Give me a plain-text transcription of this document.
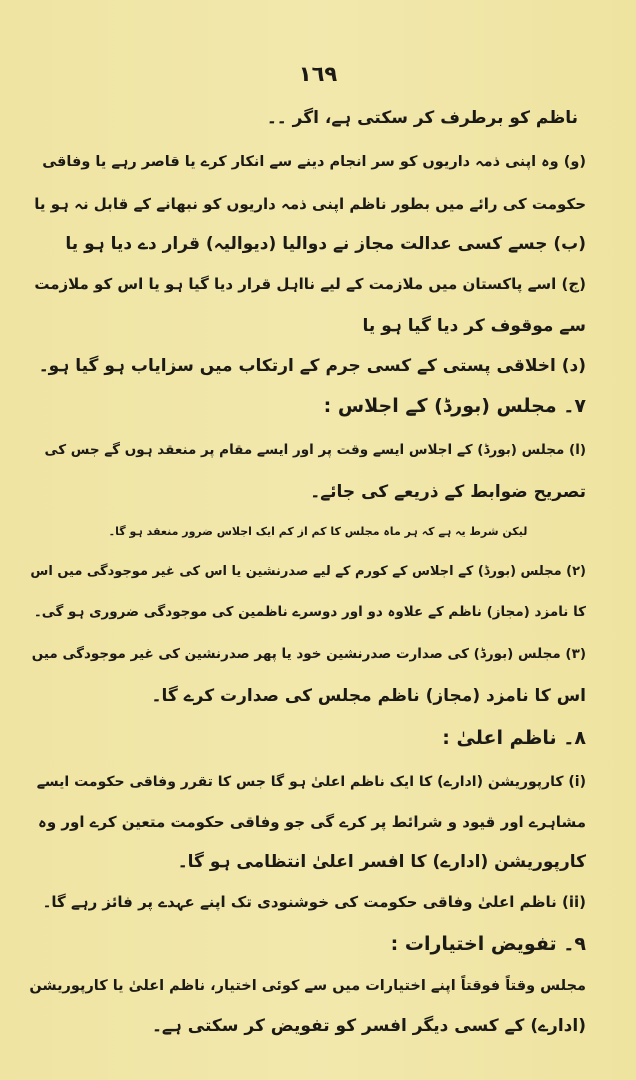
١٦٩
ناظم کو برطرف کر سکتی ہے، اگر ۔۔
(و) وہ اپنی ذمہ داریوں کو سر انجام دینے سے انکار کرے یا قاصر رہے یا وفاقی
حکومت کی رائے میں بطور ناظم اپنی ذمہ داریوں کو نبھانے کے قابل نہ ہو یا
(ب) جسے کسی عدالت مجاز نے دوالیا (دیوالیہ) قرار دے دیا ہو یا
(ج) اسے پاکستان میں ملازمت کے لیے نااہل قرار دیا گیا ہو یا اس کو ملازمت
سے موقوف کر دیا گیا ہو یا
(د) اخلاقی پستی کے کسی جرم کے ارتکاب میں سزایاب ہو گیا ہو۔
۷۔ مجلس (بورڈ) کے اجلاس :
(ا) مجلس (بورڈ) کے اجلاس ایسے وقت پر اور ایسے مقام پر منعقد ہوں گے جس کی
تصریح ضوابط کے ذریعے کی جائے۔
لیکن شرط یہ ہے کہ ہر ماہ مجلس کا کم از کم ایک اجلاس ضرور منعقد ہو گا۔
(۲) مجلس (بورڈ) کے اجلاس کے کورم کے لیے صدرنشین یا اس کی غیر موجودگی میں اس
کا نامزد (مجاز) ناظم کے علاوہ دو اور دوسرے ناظمین کی موجودگی ضروری ہو گی۔
(۳) مجلس (بورڈ) کی صدارت صدرنشین خود یا پھر صدرنشین کی غیر موجودگی میں
اس کا نامزد (مجاز) ناظم مجلس کی صدارت کرے گا۔
۸۔ ناظم اعلیٰ :
(i) کارپوریشن (ادارے) کا ایک ناظم اعلیٰ ہو گا جس کا تقرر وفاقی حکومت ایسے
مشاہرے اور قیود و شرائط پر کرے گی جو وفاقی حکومت متعین کرے اور وہ
کارپوریشن (ادارے) کا افسر اعلیٰ انتظامی ہو گا۔
(ii) ناظم اعلیٰ وفاقی حکومت کی خوشنودی تک اپنے عہدے پر فائز رہے گا۔
۹۔ تفویض اختیارات :
مجلس وقتاً فوقتاً اپنے اختیارات میں سے کوئی اختیار، ناظم اعلیٰ یا کارپوریشن
(ادارے) کے کسی دیگر افسر کو تفویض کر سکتی ہے۔
